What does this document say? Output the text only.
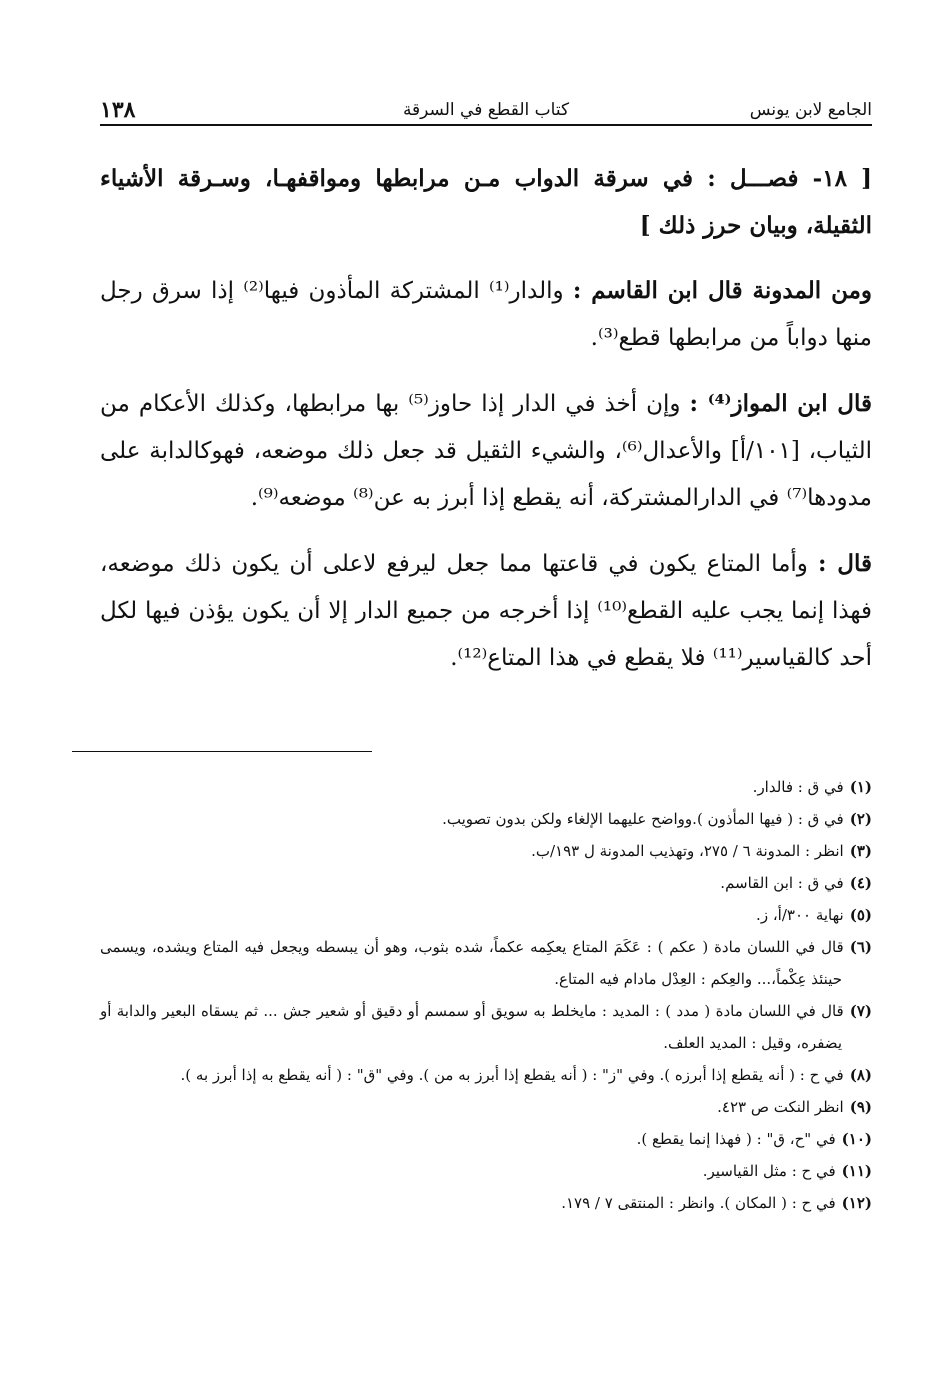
الجامع لابن يونس
كتاب القطع في السرقة
١٣٨

[ ١٨- فصـــل : في سرقة الدواب مـن مرابطها ومواقفهـا، وسـرقة الأشياء الثقيلة، وبيان حرز ذلك ]

ومن المدونة قال ابن القاسم : والدار⁽¹⁾ المشتركة المأذون فيها⁽²⁾ إذا سرق رجل منها دواباً من مرابطها قطع⁽³⁾.

قال ابن المواز⁽⁴⁾ : وإن أخذ في الدار إذا حاوز⁽⁵⁾ بها مرابطها، وكذلك الأعكام من الثياب، [١٠١/أ] والأعدال⁽⁶⁾، والشيء الثقيل قد جعل ذلك موضعه، فهوكالدابة على مدودها⁽⁷⁾ في الدارالمشتركة، أنه يقطع إذا أبرز به عن⁽⁸⁾ موضعه⁽⁹⁾.

قال : وأما المتاع يكون في قاعتها مما جعل ليرفع لاعلى أن يكون ذلك موضعه، فهذا إنما يجب عليه القطع⁽¹⁰⁾ إذا أخرجه من جميع الدار إلا أن يكون يؤذن فيها لكل أحد كالقياسير⁽¹¹⁾ فلا يقطع في هذا المتاع⁽¹²⁾.

(١)في ق : فالدار.

(٢)في ق : ( فيها المأذون ).وواضح عليهما الإلغاء ولكن بدون تصويب.

(٣)انظر : المدونة ٦ / ٢٧٥، وتهذيب المدونة ل ١٩٣/ب.

(٤)في ق : ابن القاسم.

(٥)نهاية ٣٠٠/أ، ز.

(٦)قال في اللسان مادة ( عكم ) : عَكَمَ المتاع يعكِمه عكماً، شده بثوب، وهو أن يبسطه ويجعل فيه المتاع ويشده، ويسمى حينئذ عِكْماً،... والعِكم : العِدْل مادام فيه المتاع.

(٧)قال في اللسان مادة ( مدد ) : المديد : مايخلط به سويق أو سمسم أو دقيق أو شعير جش ... ثم يسقاه البعير والدابة أو يضفره، وقيل : المديد العلف.

(٨)في ح : ( أنه يقطع إذا أبرزه ). وفي "ز" : ( أنه يقطع إذا أبرز به من ). وفي "ق" : ( أنه يقطع به إذا أبرز به ).

(٩)انظر النكت ص ٤٢٣.

(١٠)في "ح، ق" : ( فهذا إنما يقطع ).

(١١)في ح : مثل القياسير.

(١٢)في ح : ( المكان ). وانظر : المنتقى ٧ / ١٧٩.
